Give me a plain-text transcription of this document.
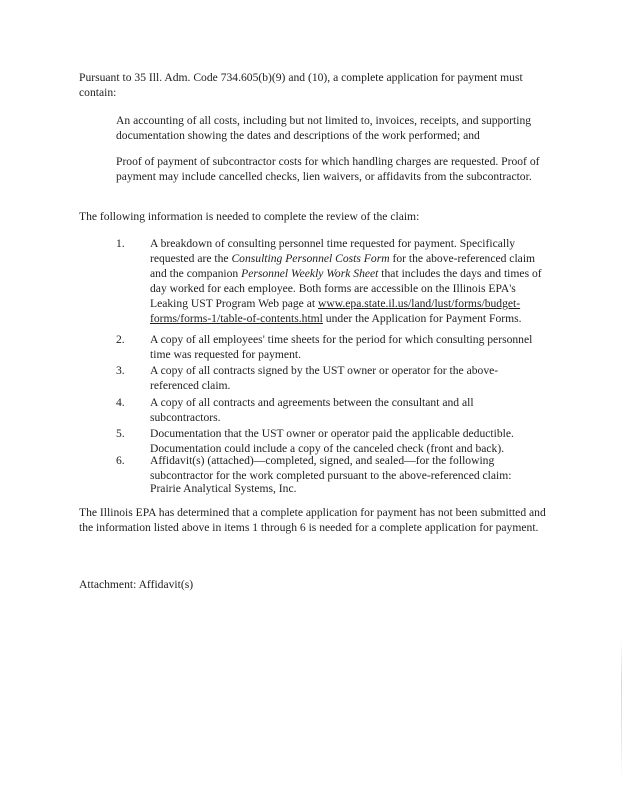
Pursuant to 35 Ill. Adm. Code 734.605(b)(9) and (10), a complete application for payment must contain:

An accounting of all costs, including but not limited to, invoices, receipts, and supporting documentation showing the dates and descriptions of the work performed; and

Proof of payment of subcontractor costs for which handling charges are requested. Proof of payment may include cancelled checks, lien waivers, or affidavits from the subcontractor.

The following information is needed to complete the review of the claim:

1.	A breakdown of consulting personnel time requested for payment. Specifically requested are the Consulting Personnel Costs Form for the above-referenced claim and the companion Personnel Weekly Work Sheet that includes the days and times of day worked for each employee. Both forms are accessible on the Illinois EPA's Leaking UST Program Web page at www.epa.state.il.us/land/lust/forms/budget-forms/forms-1/table-of-contents.html under the Application for Payment Forms.
2.	A copy of all employees' time sheets for the period for which consulting personnel time was requested for payment.
3.	A copy of all contracts signed by the UST owner or operator for the above-referenced claim.
4.	A copy of all contracts and agreements between the consultant and all subcontractors.
5.	Documentation that the UST owner or operator paid the applicable deductible. Documentation could include a copy of the canceled check (front and back).
6.	Affidavit(s) (attached)—completed, signed, and sealed—for the following subcontractor for the work completed pursuant to the above-referenced claim:

Prairie Analytical Systems, Inc.

The Illinois EPA has determined that a complete application for payment has not been submitted and the information listed above in items 1 through 6 is needed for a complete application for payment.

Attachment: Affidavit(s)
